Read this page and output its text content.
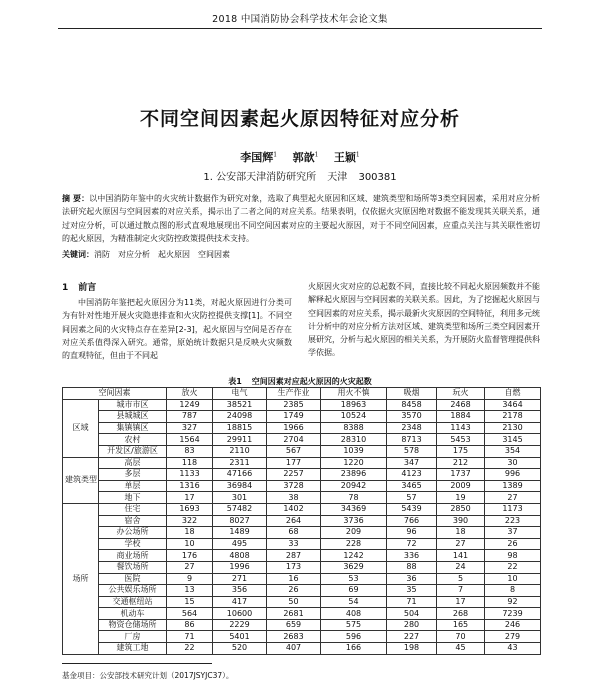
2018 中国消防协会科学技术年会论文集
不同空间因素起火原因特征对应分析
李国辉$^1$ 郭歆$^1$ 王颖$^1$
1. 公安部天津消防研究所 天津 300381
摘 要：以中国消防年鉴中的火灾统计数据作为研究对象，选取了典型起火原因和区域、建筑类型和场所等3类空间因素，采用对应分析法研究起火原因与空间因素的对应关系，揭示出了二者之间的对应关系。结果表明，仅依据火灾原因绝对数据不能发现其关联关系，通过对应分析，可以通过散点图的形式直观地展现出不同空间因素对应的主要起火原因，对于不同空间因素，应重点关注与其关联性密切的起火原因，为精准制定火灾防控政策提供技术支持。
关键词：消防　对应分析　起火原因　空间因素
1 前言
中国消防年鉴把起火原因分为11类，对起火原因进行分类可为有针对性地开展火灾隐患排查和火灾防控提供支撑[1]。不同空间因素之间的火灾特点存在差异[2-3]，起火原因与空间是否存在对应关系值得深入研究。通常，原始统计数据只是反映火灾频数的直观特征，但由于不同起
火原因火灾对应的总起数不同，直接比较不同起火原因频数并不能解释起火原因与空间因素的关联关系。因此，为了挖掘起火原因与空间因素的对应关系，揭示最新火灾原因的空间特征，利用多元统计分析中的对应分析方法对区域、建筑类型和场所三类空间因素开展研究，分析与起火原因的相关关系，为开展防火监督管理提供科学依据。
表1 空间因素对应起火原因的火灾起数
空间因素		放火	电气	生产作业	用火不慎	吸烟	玩火	自燃
区域	城市市区	1249	38521	2385	18963	8458	2468	3464
	县城城区	787	24098	1749	10524	3570	1884	2178
	集镇镇区	327	18815	1966	8388	2348	1143	2130
	农村	1564	29911	2704	28310	8713	5453	3145
	开发区/旅游区	83	2110	567	1039	578	175	354
建筑类型	高层	118	2311	177	1220	347	212	30
	多层	1133	47166	2257	23896	4123	1737	996
	单层	1316	36984	3728	20942	3465	2009	1389
	地下	17	301	38	78	57	19	27
场所	住宅	1693	57482	1402	34369	5439	2850	1173
	宿舍	322	8027	264	3736	766	390	223
	办公场所	18	1489	68	209	96	18	37
	学校	10	495	33	228	72	27	26
	商业场所	176	4808	287	1242	336	141	98
	餐饮场所	27	1996	173	3629	88	24	22
	医院	9	271	16	53	36	5	10
	公共娱乐场所	13	356	26	69	35	7	8
	交通枢纽站	15	417	50	54	71	17	92
	机动车	564	10600	2681	408	504	268	7239
	物资仓储场所	86	2229	659	575	280	165	246
	厂房	71	5401	2683	596	227	70	279
	建筑工地	22	520	407	166	198	45	43
基金项目：公安部技术研究计划（2017JSYJC37）。
